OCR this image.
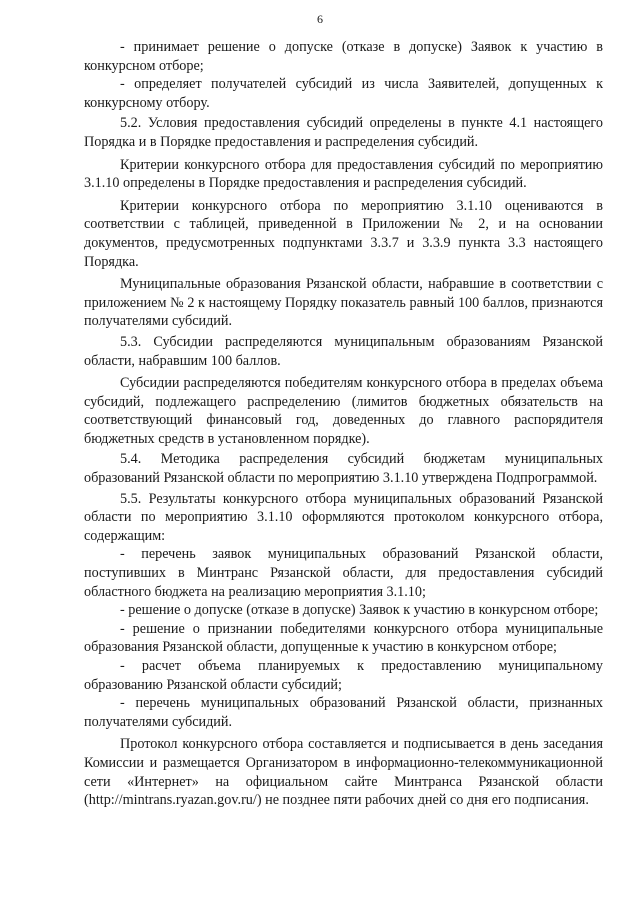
6

- принимает решение о допуске (отказе в допуске) Заявок к участию в конкурсном отборе;

- определяет получателей субсидий из числа Заявителей, допущенных к конкурсному отбору.

5.2. Условия предоставления субсидий определены в пункте 4.1 настоящего Порядка и в Порядке предоставления и распределения субсидий.

Критерии конкурсного отбора для предоставления субсидий по мероприятию 3.1.10 определены в Порядке предоставления и распределения субсидий.

Критерии конкурсного отбора по мероприятию 3.1.10 оцениваются в соответствии с таблицей, приведенной в Приложении № 2, и на основании документов, предусмотренных подпунктами 3.3.7 и 3.3.9 пункта 3.3 настоящего Порядка.

Муниципальные образования Рязанской области, набравшие в соответствии с приложением № 2 к настоящему Порядку показатель равный 100 баллов, признаются получателями субсидий.

5.3. Субсидии распределяются муниципальным образованиям Рязанской области, набравшим 100 баллов.

Субсидии распределяются победителям конкурсного отбора в пределах объема субсидий, подлежащего распределению (лимитов бюджетных обязательств на соответствующий финансовый год, доведенных до главного распорядителя бюджетных средств в установленном порядке).

5.4. Методика распределения субсидий бюджетам муниципальных образований Рязанской области по мероприятию 3.1.10 утверждена Подпрограммой.

5.5. Результаты конкурсного отбора муниципальных образований Рязанской области по мероприятию 3.1.10 оформляются протоколом конкурсного отбора, содержащим:

- перечень заявок муниципальных образований Рязанской области, поступивших в Минтранс Рязанской области, для предоставления субсидий областного бюджета на реализацию мероприятия 3.1.10;

- решение о допуске (отказе в допуске) Заявок к участию в конкурсном отборе;

- решение о признании победителями конкурсного отбора муниципальные образования Рязанской области, допущенные к участию в конкурсном отборе;

- расчет объема планируемых к предоставлению муниципальному образованию Рязанской области субсидий;

- перечень муниципальных образований Рязанской области, признанных получателями субсидий.

Протокол конкурсного отбора составляется и подписывается в день заседания Комиссии и размещается Организатором в информационно-телекоммуникационной сети «Интернет» на официальном сайте Минтранса Рязанской области (http://mintrans.ryazan.gov.ru/) не позднее пяти рабочих дней со дня его подписания.
